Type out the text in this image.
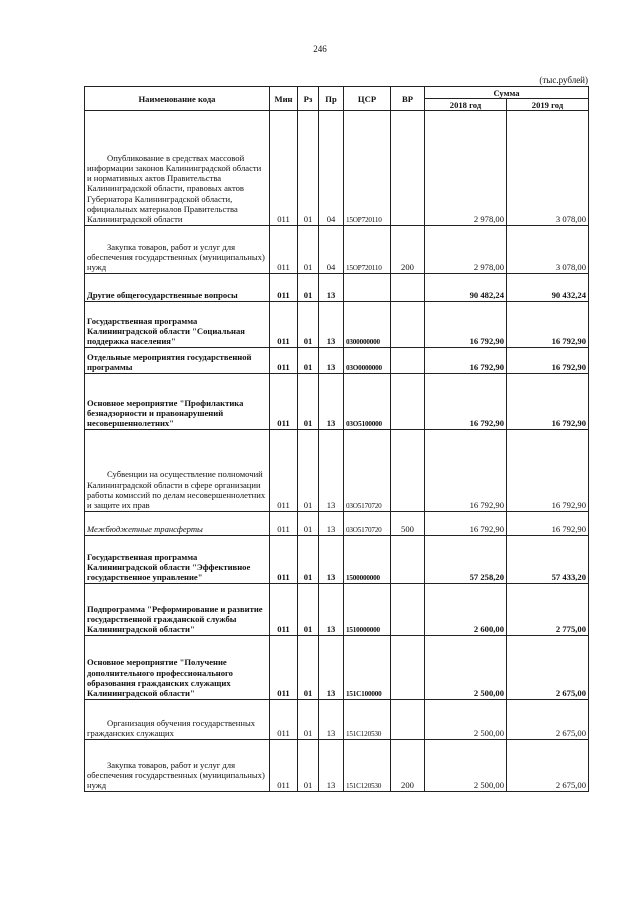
246
(тыс.рублей)
Наименование кода	Мин	Рз	Пр	ЦСР	ВР	Сумма	
						2018 год	2019 год
Опубликование в средствах массовой информации законов Калининградской области и нормативных актов Правительства Калининградской области, правовых актов Губернатора Калининградской области, официальных материалов Правительства Калининградской области	011	01	04	15ОР720110		2 978,00	3 078,00
Закупка товаров, работ и услуг для обеспечения государственных (муниципальных) нужд	011	01	04	15ОР720110	200	2 978,00	3 078,00
Другие общегосударственные вопросы	011	01	13			90 482,24	90 432,24
Государственная программа Калининградской области "Социальная поддержка населения"	011	01	13	0300000000		16 792,90	16 792,90
Отдельные мероприятия государственной программы	011	01	13	03О0000000		16 792,90	16 792,90
Основное мероприятие "Профилактика безнадзорности и правонарушений несовершеннолетних"	011	01	13	03О5100000		16 792,90	16 792,90
Субвенции на осуществление полномочий Калининградской области в сфере организации работы комиссий по делам несовершеннолетних и защите их прав	011	01	13	03О5170720		16 792,90	16 792,90
Межбюджетные трансферты	011	01	13	03О5170720	500	16 792,90	16 792,90
Государственная программа Калининградской области "Эффективное государственное управление"	011	01	13	1500000000		57 258,20	57 433,20
Подпрограмма "Реформирование и развитие государственной гражданской службы Калининградской области"	011	01	13	1510000000		2 600,00	2 775,00
Основное мероприятие "Получение дополнительного профессионального образования гражданских служащих Калининградской области"	011	01	13	151С100000		2 500,00	2 675,00
Организация обучения государственных гражданских служащих	011	01	13	151С120530		2 500,00	2 675,00
Закупка товаров, работ и услуг для обеспечения государственных (муниципальных) нужд	011	01	13	151С120530	200	2 500,00	2 675,00
